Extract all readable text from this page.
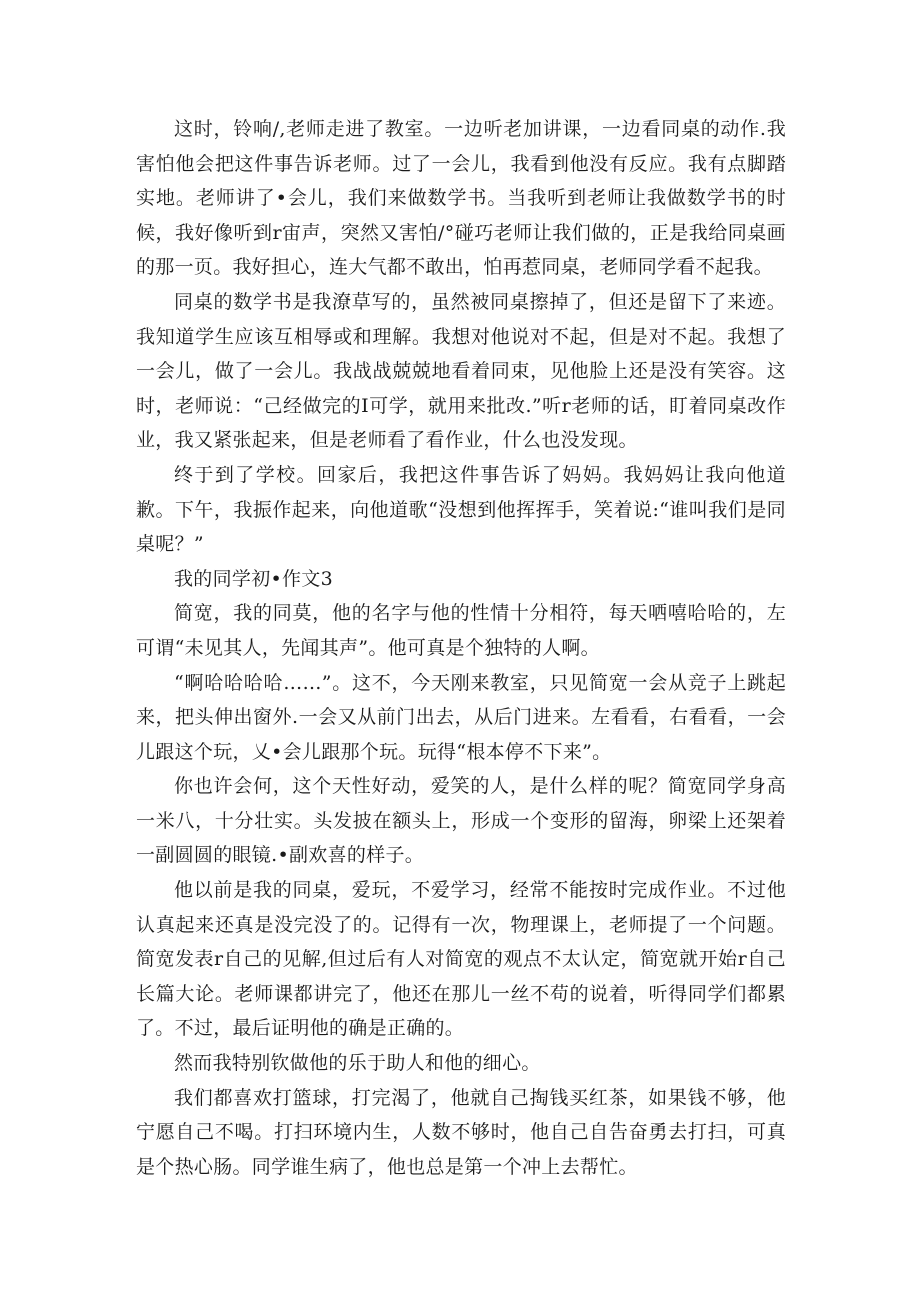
这时，铃响/,老师走进了教室。一边听老加讲课，一边看同桌的动作.我害怕他会把这件事告诉老师。过了一会儿，我看到他没有反应。我有点脚踏实地。老师讲了•会儿，我们来做数学书。当我听到老师让我做数学书的时候，我好像听到r宙声，突然又害怕/°碰巧老师让我们做的，正是我给同桌画的那一页。我好担心，连大气都不敢出，怕再惹同桌，老师同学看不起我。

同桌的数学书是我潦草写的，虽然被同桌擦掉了，但还是留下了来迹。我知道学生应该互相辱或和理解。我想对他说对不起，但是对不起。我想了一会儿，做了一会儿。我战战兢兢地看着同束，见他脸上还是没有笑容。这时，老师说：“己经做完的I可学，就用来批改.”听r老师的话，盯着同桌改作业，我又紧张起来，但是老师看了看作业，什么也没发现。

终于到了学校。回家后，我把这件事告诉了妈妈。我妈妈让我向他道歉。下午，我振作起来，向他道歌“没想到他挥挥手，笑着说:“谁叫我们是同桌呢？”

我的同学初•作文3

简宽，我的同莫，他的名字与他的性情十分相符，每天哂嘻哈哈的，左可谓“未见其人，先闻其声”。他可真是个独特的人啊。

“啊哈哈哈哈……”。这不，今天刚来教室，只见简宽一会从竞子上跳起来，把头伸出窗外.一会又从前门出去，从后门进来。左看看，右看看，一会儿跟这个玩，乂•会儿跟那个玩。玩得“根本停不下来”。

你也许会何，这个天性好动，爱笑的人，是什么样的呢？简宽同学身高一米八，十分壮实。头发披在额头上，形成一个变形的留海，卵梁上还架着一副圆圆的眼镜.•副欢喜的样子。

他以前是我的同桌，爱玩，不爱学习，经常不能按时完成作业。不过他认真起来还真是没完没了的。记得有一次，物理课上，老师提了一个问题。简宽发表r自己的见解,但过后有人对简宽的观点不太认定，简宽就开始r自己长篇大论。老师课都讲完了，他还在那儿一丝不苟的说着，听得同学们都累了。不过，最后证明他的确是正确的。

然而我特别钦做他的乐于助人和他的细心。

我们都喜欢打篮球，打完渴了，他就自己掏钱买红茶，如果钱不够，他宁愿自己不喝。打扫环境内生，人数不够时，他自己自告奋勇去打扫，可真是个热心肠。同学谁生病了，他也总是第一个冲上去帮忙。
